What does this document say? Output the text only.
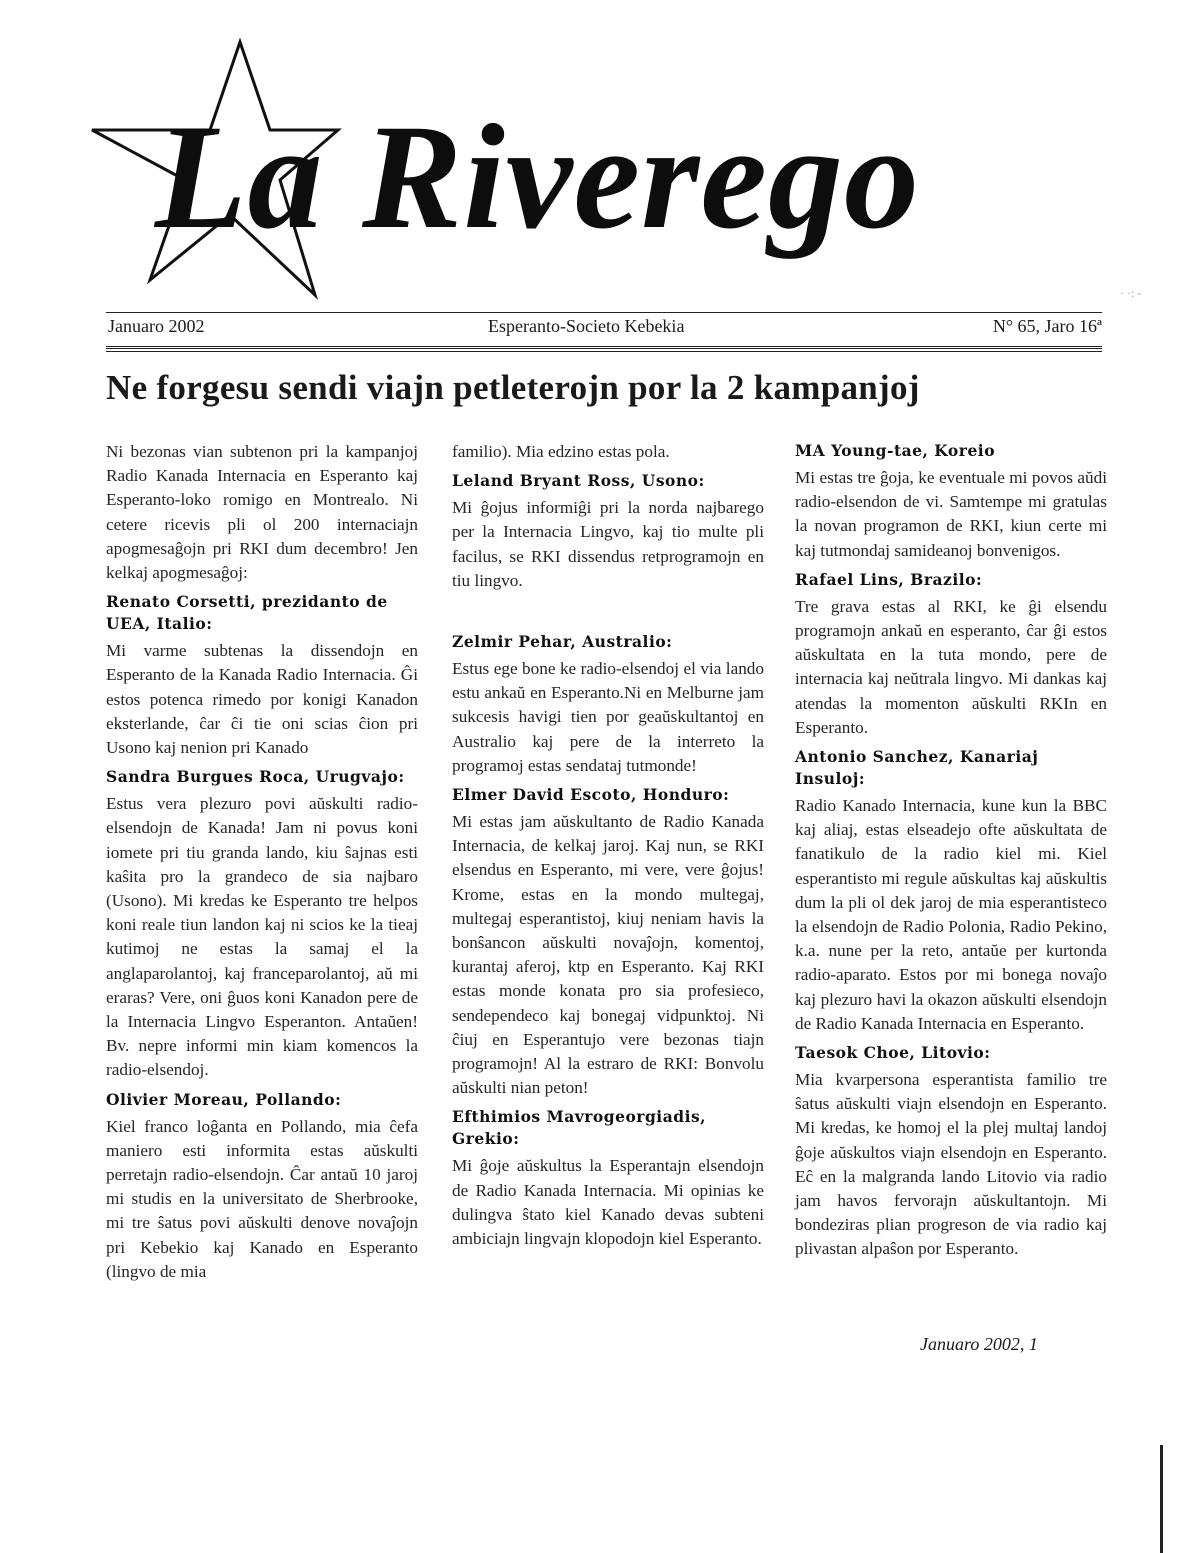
La Riverego
· ·: -
Januaro 2002	Esperanto-Societo Kebekia	N° 65, Jaro 16ª
Ne forgesu sendi viajn petleterojn por la 2 kampanjoj

Ni bezonas vian subtenon pri la kampanjoj Radio Kanada Internacia en Esperanto kaj Esperanto-loko romigo en Montrealo. Ni cetere ricevis pli ol 200 internaciajn apogmesaĝojn pri RKI dum decembro! Jen kelkaj apogmesaĝoj:

Renato Corsetti, prezidanto de UEA, Italio:

Mi varme subtenas la dissendojn en Esperanto de la Kanada Radio Internacia. Ĝi estos potenca rimedo por konigi Kanadon eksterlande, ĉar ĉi tie oni scias ĉion pri Usono kaj nenion pri Kanado

Sandra Burgues Roca, Urugvajo:

Estus vera plezuro povi aŭskulti radio-elsendojn de Kanada! Jam ni povus koni iomete pri tiu granda lando, kiu ŝajnas esti kaŝita pro la grandeco de sia najbaro (Usono). Mi kredas ke Esperanto tre helpos koni reale tiun landon kaj ni scios ke la tieaj kutimoj ne estas la samaj el la anglaparolantoj, kaj franceparolantoj, aŭ mi eraras? Vere, oni ĝuos koni Kanadon pere de la Internacia Lingvo Esperanton. Antaŭen! Bv. nepre informi min kiam komencos la radio-elsendoj.

Olivier Moreau, Pollando:

Kiel franco loĝanta en Pollando, mia ĉefa maniero esti informita estas aŭskulti perretajn radio-elsendojn. Ĉar antaŭ 10 jaroj mi studis en la universitato de Sherbrooke, mi tre ŝatus povi aŭskulti denove novaĵojn pri Kebekio kaj Kanado en Esperanto (lingvo de mia

familio). Mia edzino estas pola.

Leland Bryant Ross, Usono:

Mi ĝojus informiĝi pri la norda najbarego per la Internacia Lingvo, kaj tio multe pli facilus, se RKI dissendus retprogramojn en tiu lingvo.

Zelmir Pehar, Australio:

Estus ege bone ke radio-elsendoj el via lando estu ankaŭ en Esperanto.Ni en Melburne jam sukcesis havigi tien por geaŭskultantoj en Australio kaj pere de la interreto la programoj estas sendataj tutmonde!

Elmer David Escoto, Honduro:

Mi estas jam aŭskultanto de Radio Kanada Internacia, de kelkaj jaroj. Kaj nun, se RKI elsendus en Esperanto, mi vere, vere ĝojus! Krome, estas en la mondo multegaj, multegaj esperantistoj, kiuj neniam havis la bonŝancon aŭskulti novaĵojn, komentoj, kurantaj aferoj, ktp en Esperanto. Kaj RKI estas monde konata pro sia profesieco, sendependeco kaj bonegaj vidpunktoj. Ni ĉiuj en Esperantujo vere bezonas tiajn programojn! Al la estraro de RKI: Bonvolu aŭskulti nian peton!

Efthimios Mavrogeorgiadis, Grekio:

Mi ĝoje aŭskultus la Esperantajn elsendojn de Radio Kanada Internacia. Mi opinias ke dulingva ŝtato kiel Kanado devas subteni ambiciajn lingvajn klopodojn kiel Esperanto.

MA Young-tae, Koreio

Mi estas tre ĝoja, ke eventuale mi povos aŭdi radio-elsendon de vi. Samtempe mi gratulas la novan programon de RKI, kiun certe mi kaj tutmondaj samideanoj bonvenigos.

Rafael Lins, Brazilo:

Tre grava estas al RKI, ke ĝi elsendu programojn ankaŭ en esperanto, ĉar ĝi estos aŭskultata en la tuta mondo, pere de internacia kaj neŭtrala lingvo. Mi dankas kaj atendas la momenton aŭskulti RKIn en Esperanto.

Antonio Sanchez, Kanariaj Insuloj:

Radio Kanado Internacia, kune kun la BBC kaj aliaj, estas elseadejo ofte aŭskultata de fanatikulo de la radio kiel mi. Kiel esperantisto mi regule aŭskultas kaj aŭskultis dum la pli ol dek jaroj de mia esperantisteco la elsendojn de Radio Polonia, Radio Pekino, k.a. nune per la reto, antaŭe per kurtonda radio-aparato. Estos por mi bonega novaĵo kaj plezuro havi la okazon aŭskulti elsendojn de Radio Kanada Internacia en Esperanto.

Taesok Choe, Litovio:

Mia kvarpersona esperantista familio tre ŝatus aŭskulti viajn elsendojn en Esperanto. Mi kredas, ke homoj el la plej multaj landoj ĝoje aŭskultos viajn elsendojn en Esperanto. Eĉ en la malgranda lando Litovio via radio jam havos fervorajn aŭskultantojn. Mi bondeziras plian progreson de via radio kaj plivastan alpaŝon por Esperanto.

Januaro 2002, 1
